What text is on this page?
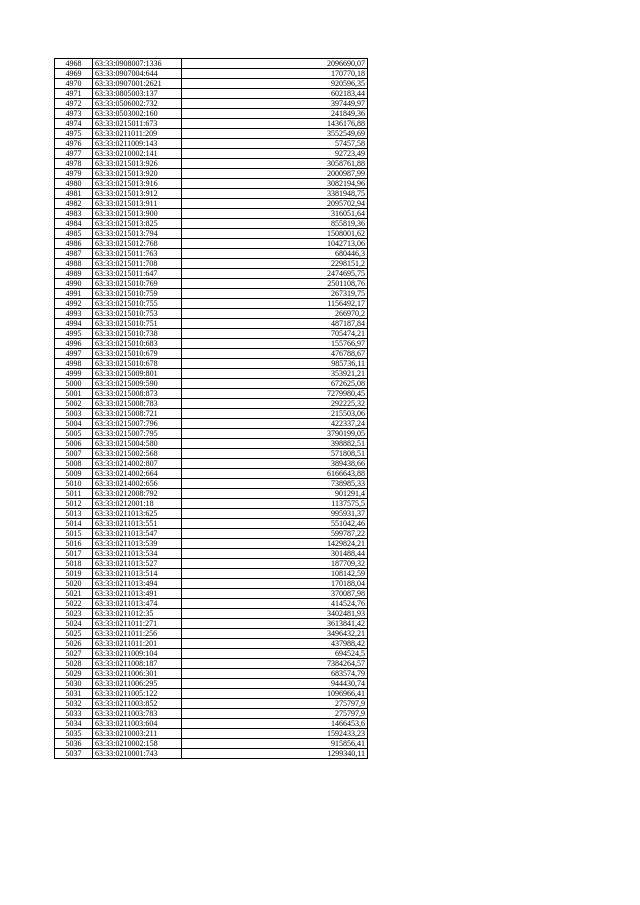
4968	63:33:0908007:1336	2096690,07
4969	63:33:0907004:644	170770,18
4970	63:33:0907001:2621	920596,35
4971	63:33:0805003:137	602183,44
4972	63:33:0506002:732	397449,97
4973	63:33:0503002:160	241849,36
4974	63:33:0215011:673	1436176,88
4975	63:33:0211011:209	3552549,69
4976	63:33:0211009:143	57457,58
4977	63:33:0210002:141	92723,49
4978	63:33:0215013:926	3058761,88
4979	63:33:0215013:920	2000987,99
4980	63:33:0215013:916	3082194,96
4981	63:33:0215013:912	3381948,75
4982	63:33:0215013:911	2095702,94
4983	63:33:0215013:900	316051,64
4984	63:33:0215013:825	855819,36
4985	63:33:0215013:794	1508001,62
4986	63:33:0215012:768	1042713,06
4987	63:33:0215011:763	680446,3
4988	63:33:0215011:708	2298151,2
4989	63:33:0215011:647	2474695,75
4990	63:33:0215010:769	2501108,76
4991	63:33:0215010:759	267319,75
4992	63:33:0215010:755	1156492,17
4993	63:33:0215010:753	266970,2
4994	63:33:0215010:751	487187,84
4995	63:33:0215010:738	705474,21
4996	63:33:0215010:683	155766,97
4997	63:33:0215010:679	476788,67
4998	63:33:0215010:678	985736,11
4999	63:33:0215009:801	353921,21
5000	63:33:0215009:590	672625,08
5001	63:33:0215008:873	7279980,45
5002	63:33:0215008:783	292225,32
5003	63:33:0215008:721	215503,06
5004	63:33:0215007:796	422337,24
5005	63:33:0215007:795	3790199,05
5006	63:33:0215004:580	398882,51
5007	63:33:0215002:568	571808,51
5008	63:33:0214002:807	389438,66
5009	63:33:0214002:664	6166643,88
5010	63:33:0214002:656	738985,33
5011	63:33:0212008:792	901291,4
5012	63:33:0212001:18	1137575,5
5013	63:33:0211013:625	995931,37
5014	63:33:0211013:551	551042,46
5015	63:33:0211013:547	599787,22
5016	63:33:0211013:539	1429824,21
5017	63:33:0211013:534	301488,44
5018	63:33:0211013:527	187709,32
5019	63:33:0211013:514	108142,59
5020	63:33:0211013:494	170188,04
5021	63:33:0211013:491	370087,98
5022	63:33:0211013:474	414524,76
5023	63:33:0211012:35	3402481,93
5024	63:33:0211011:271	3613841,42
5025	63:33:0211011:256	3496432,21
5026	63:33:0211011:201	437988,42
5027	63:33:0211009:104	694524,5
5028	63:33:0211008:187	7384264,57
5029	63:33:0211006:301	683574,79
5030	63:33:0211006:295	944430,74
5031	63:33:0211005:122	1096966,41
5032	63:33:0211003:852	275797,9
5033	63:33:0211003:783	275797,9
5034	63:33:0211003:604	1466453,6
5035	63:33:0210003:211	1592433,23
5036	63:33:0210002:158	915856,41
5037	63:33:0210001:743	1299340,11
